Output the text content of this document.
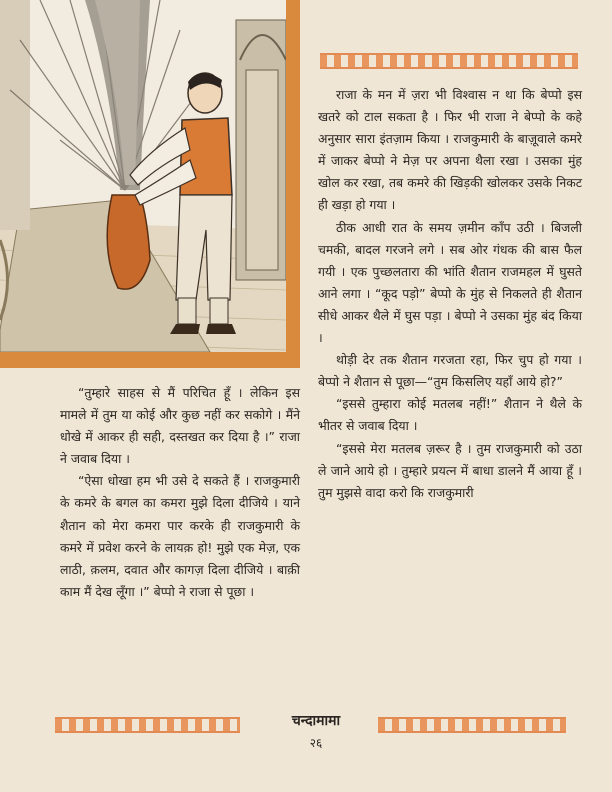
राजा के मन में ज़रा भी विश्वास न था कि बेप्पो इस खतरे को टाल सकता है । फिर भी राजा ने बेप्पो के कहे अनुसार सारा इंतज़ाम किया । राजकुमारी के बाज़ूवाले कमरे में जाकर बेप्पो ने मेज़ पर अपना थैला रखा । उसका मुंह खोल कर रखा, तब कमरे की खिड़की खोलकर उसके निकट ही खड़ा हो गया ।

ठीक आधी रात के समय ज़मीन काँप उठी । बिजली चमकी, बादल गरजने लगे । सब ओर गंधक की बास फैल गयी । एक पुच्छलतारा की भांति शैतान राजमहल में घुसते आने लगा । “कूद पड़ो” बेप्पो के मुंह से निकलते ही शैतान सीधे आकर थैले में घुस पड़ा । बेप्पो ने उसका मुंह बंद किया ।

थोड़ी देर तक शैतान गरजता रहा, फिर चुप हो गया । बेप्पो ने शैतान से पूछा—“तुम किसलिए यहाँ आये हो?”

“इससे तुम्हारा कोई मतलब नहीं!” शैतान ने थैले के भीतर से जवाब दिया ।

“इससे मेरा मतलब ज़रूर है । तुम राजकुमारी को उठा ले जाने आये हो । तुम्हारे प्रयत्न में बाधा डालने मैं आया हूँ । तुम मुझसे वादा करो कि राजकुमारी

“तुम्हारे साहस से मैं परिचित हूँ । लेकिन इस मामले में तुम या कोई और कुछ नहीं कर सकोगे । मैंने धोखे में आकर ही सही, दस्तखत कर दिया है ।” राजा ने जवाब दिया ।

“ऐसा धोखा हम भी उसे दे सकते हैं । राजकुमारी के कमरे के बगल का कमरा मुझे दिला दीजिये । याने शैतान को मेरा कमरा पार करके ही राजकुमारी के कमरे में प्रवेश करने के लायक़ हो! मुझे एक मेज़, एक लाठी, क़लम, दवात और कागज़ दिला दीजिये । बाक़ी काम मैं देख लूँगा ।” बेप्पो ने राजा से पूछा ।

चन्दामामा
२६
